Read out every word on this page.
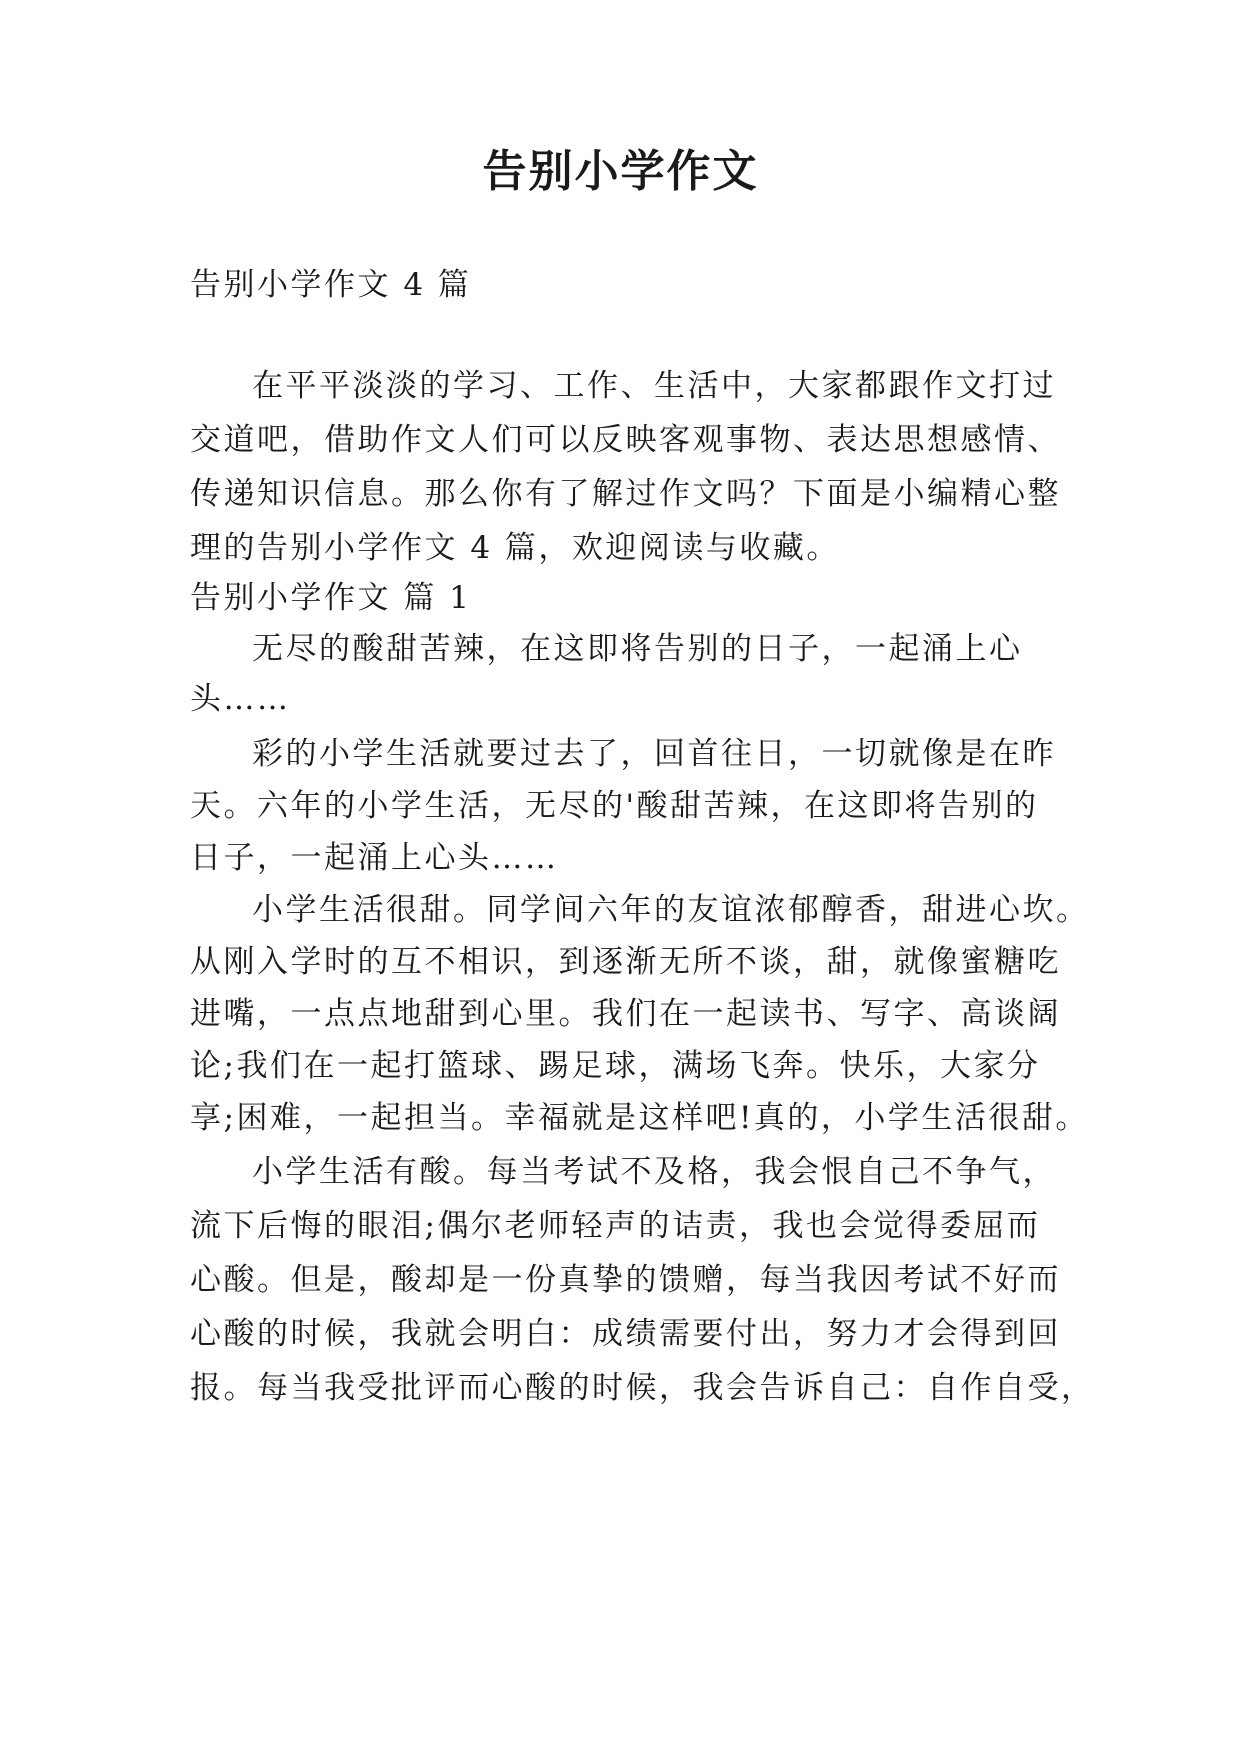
告别小学作文
告别小学作文 4 篇
在平平淡淡的学习、工作、生活中，大家都跟作文打过
交道吧，借助作文人们可以反映客观事物、表达思想感情、
传递知识信息。那么你有了解过作文吗？下面是小编精心整
理的告别小学作文 4 篇，欢迎阅读与收藏。
告别小学作文 篇 1
无尽的酸甜苦辣，在这即将告别的日子，一起涌上心
头……
彩的小学生活就要过去了，回首往日，一切就像是在昨
天。六年的小学生活，无尽的'酸甜苦辣，在这即将告别的
日子，一起涌上心头……
小学生活很甜。同学间六年的友谊浓郁醇香，甜进心坎。
从刚入学时的互不相识，到逐渐无所不谈，甜，就像蜜糖吃
进嘴，一点点地甜到心里。我们在一起读书、写字、高谈阔
论;我们在一起打篮球、踢足球，满场飞奔。快乐，大家分
享;困难，一起担当。幸福就是这样吧!真的，小学生活很甜。
小学生活有酸。每当考试不及格，我会恨自己不争气，
流下后悔的眼泪;偶尔老师轻声的诘责，我也会觉得委屈而
心酸。但是，酸却是一份真挚的馈赠，每当我因考试不好而
心酸的时候，我就会明白：成绩需要付出，努力才会得到回
报。每当我受批评而心酸的时候，我会告诉自己：自作自受，
